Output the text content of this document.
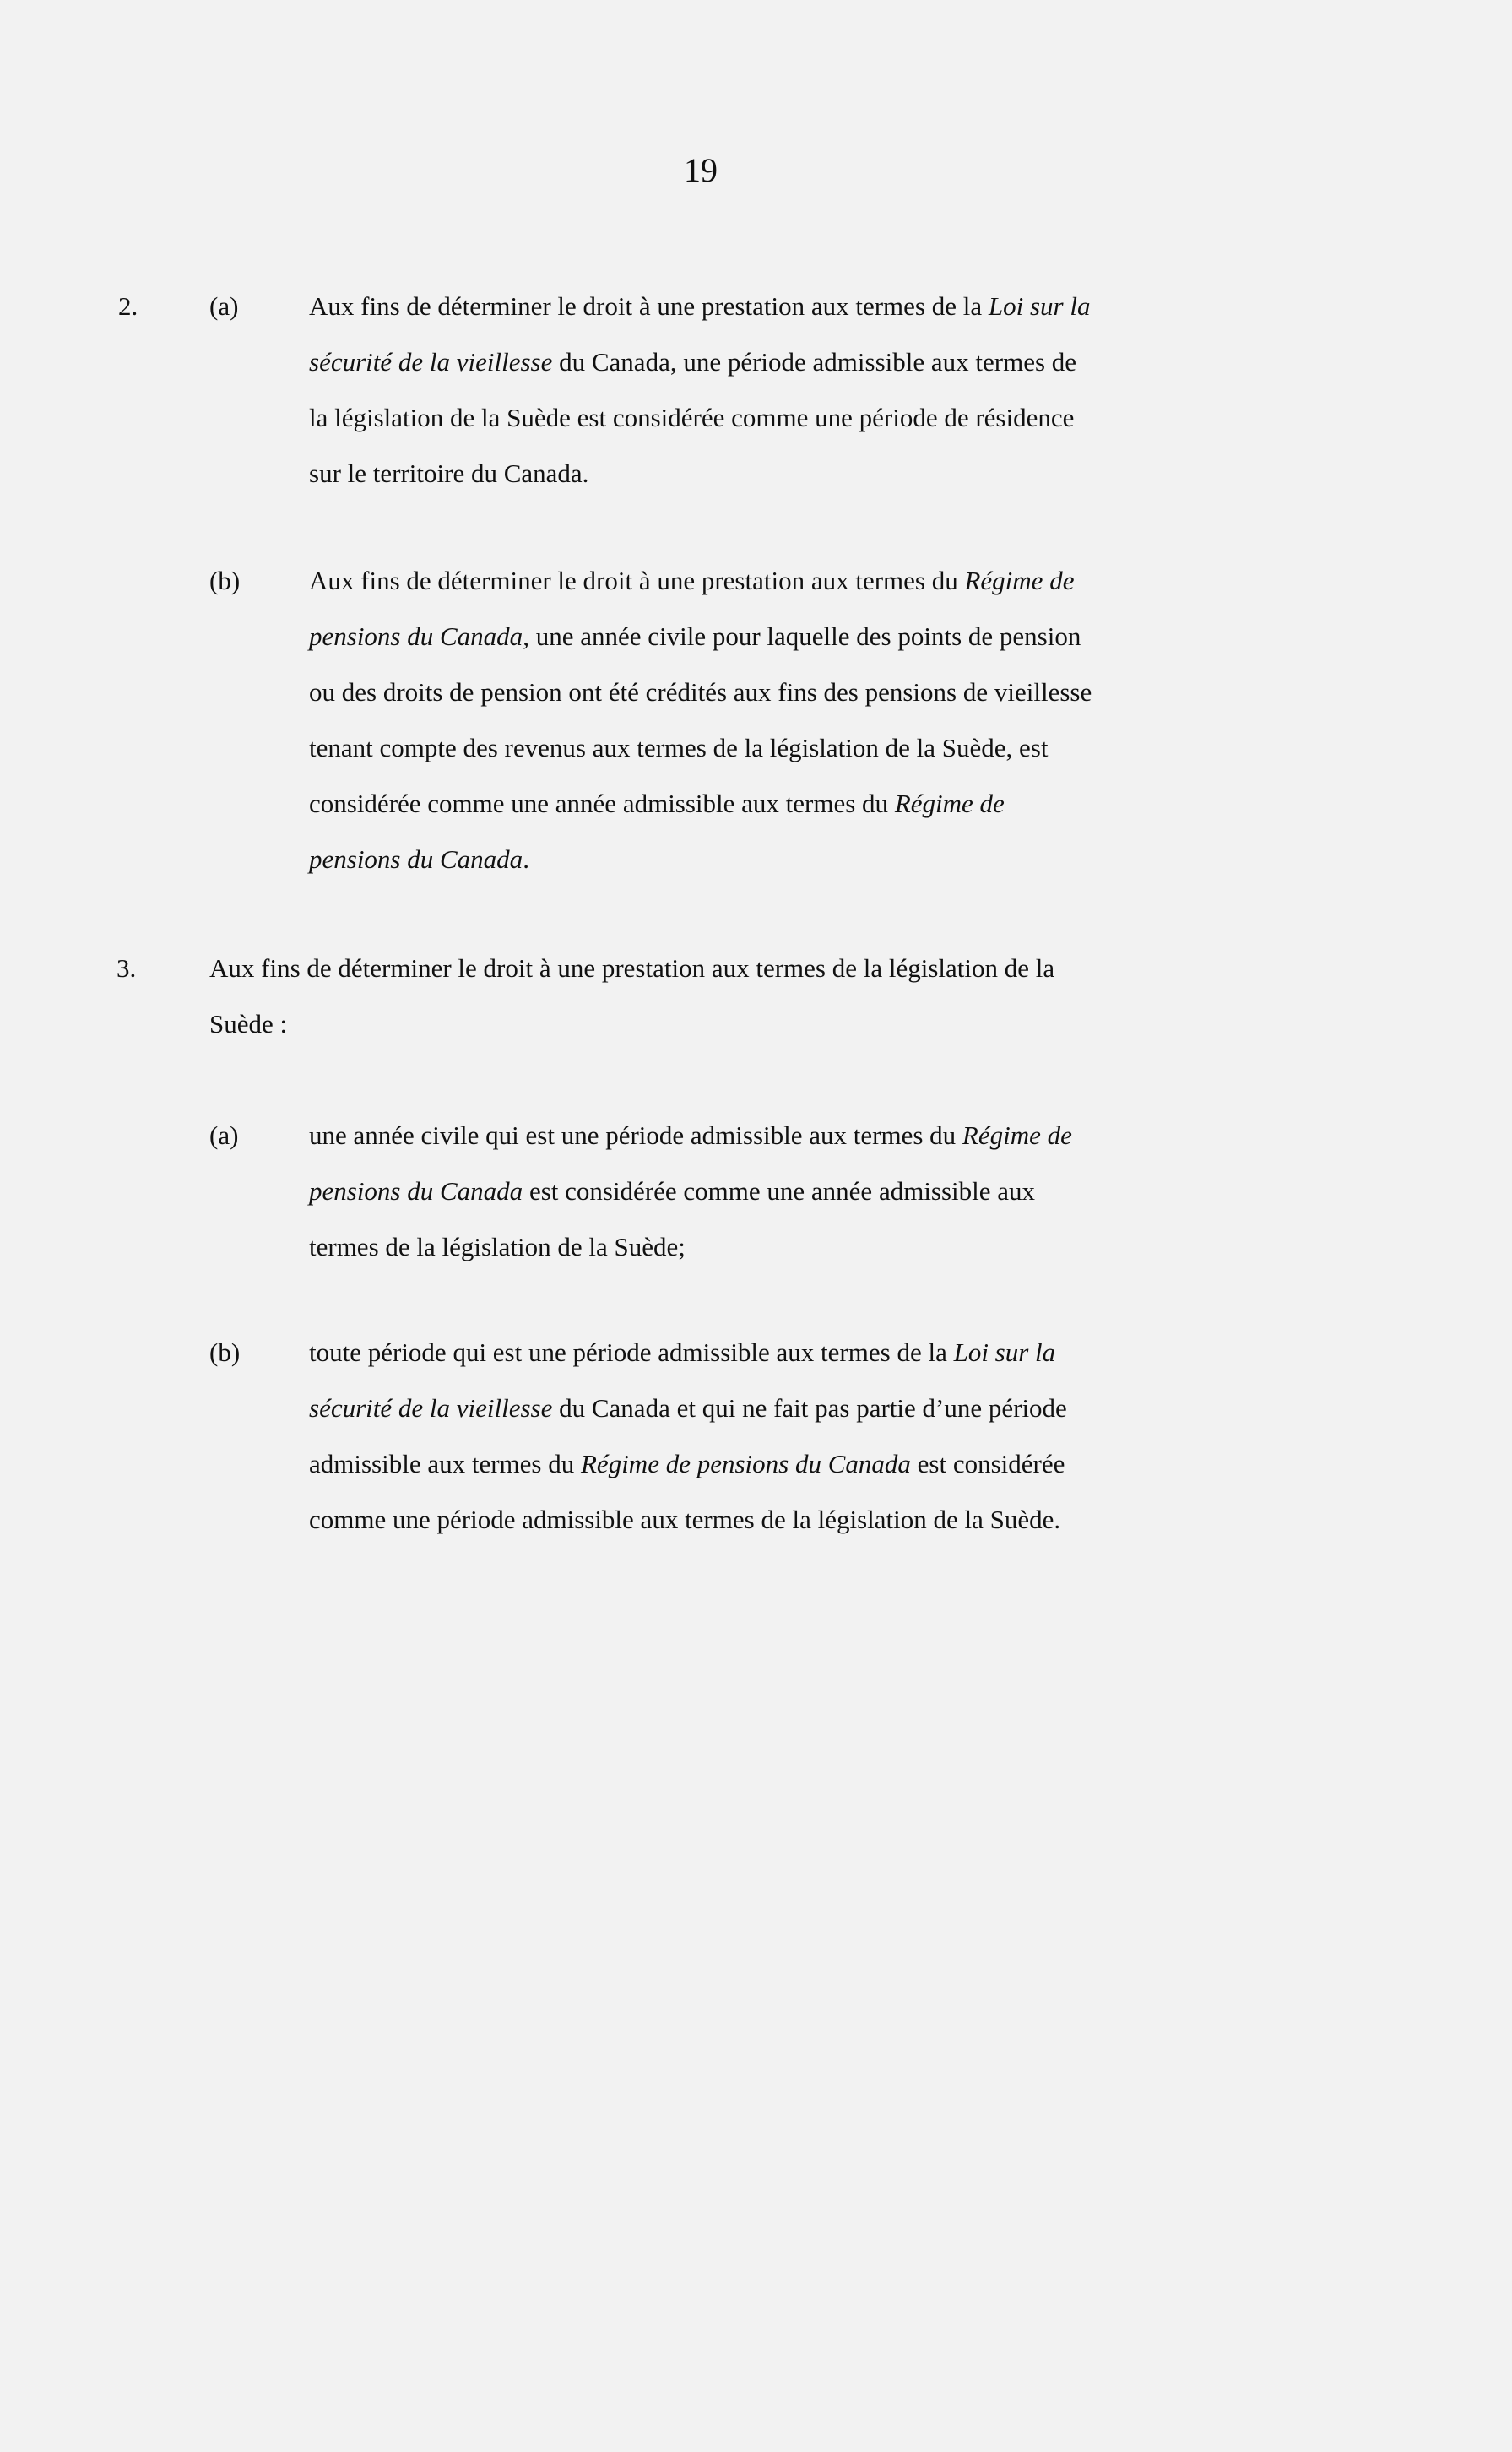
19
2.	(a)	Aux fins de déterminer le droit à une prestation aux termes de la Loi sur la
sécurité de la vieillesse du Canada, une période admissible aux termes de
la législation de la Suède est considérée comme une période de résidence
sur le territoire du Canada.
(b)	Aux fins de déterminer le droit à une prestation aux termes du Régime de
pensions du Canada, une année civile pour laquelle des points de pension
ou des droits de pension ont été crédités aux fins des pensions de vieillesse
tenant compte des revenus aux termes de la législation de la Suède, est
considérée comme une année admissible aux termes du Régime de
pensions du Canada.
3.	Aux fins de déterminer le droit à une prestation aux termes de la législation de la
Suède :
(a)	une année civile qui est une période admissible aux termes du Régime de
pensions du Canada est considérée comme une année admissible aux
termes de la législation de la Suède;
(b)	toute période qui est une période admissible aux termes de la Loi sur la
sécurité de la vieillesse du Canada et qui ne fait pas partie d’une période
admissible aux termes du Régime de pensions du Canada est considérée
comme une période admissible aux termes de la législation de la Suède.
